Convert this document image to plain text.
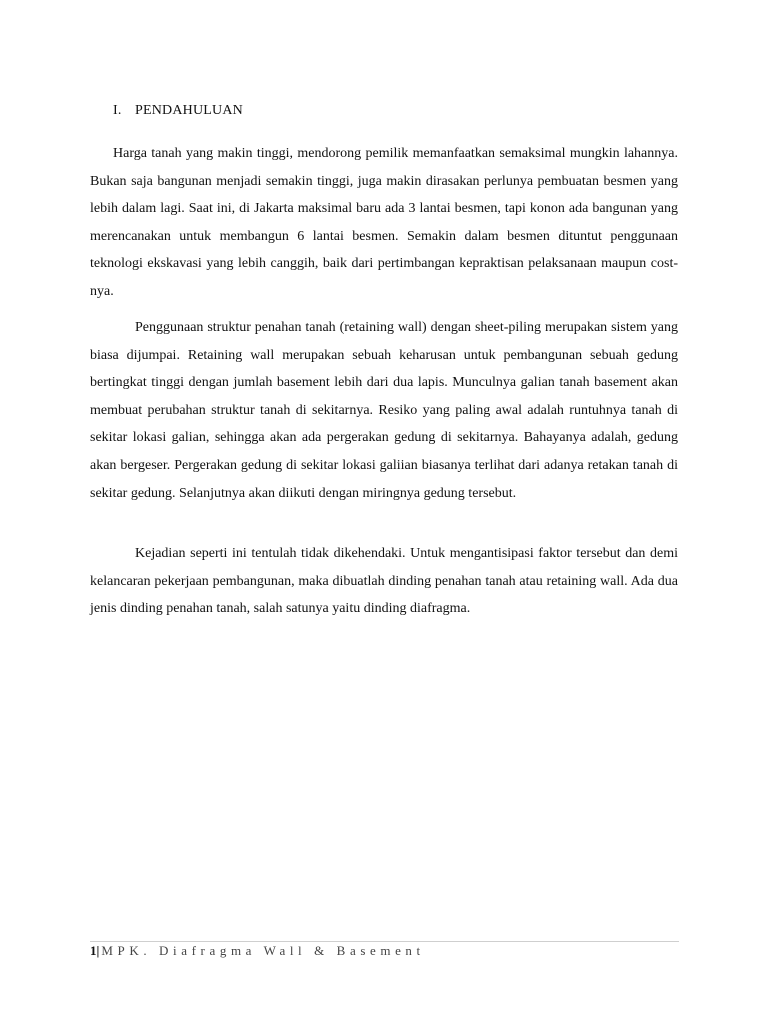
I. PENDAHULUAN

Harga tanah yang makin tinggi, mendorong pemilik memanfaatkan semaksimal mungkin lahannya. Bukan saja bangunan menjadi semakin tinggi, juga makin dirasakan perlunya pembuatan besmen yang lebih dalam lagi. Saat ini, di Jakarta maksimal baru ada 3 lantai besmen, tapi konon ada bangunan yang merencanakan untuk membangun 6 lantai besmen. Semakin dalam besmen dituntut penggunaan teknologi ekskavasi yang lebih canggih, baik dari pertimbangan kepraktisan pelaksanaan maupun cost-nya.

Penggunaan struktur penahan tanah (retaining wall) dengan sheet-piling merupakan sistem yang biasa dijumpai. Retaining wall merupakan sebuah keharusan untuk pembangunan sebuah gedung bertingkat tinggi dengan jumlah basement lebih dari dua lapis. Munculnya galian tanah basement akan membuat perubahan struktur tanah di sekitarnya. Resiko yang paling awal adalah runtuhnya tanah di sekitar lokasi galian, sehingga akan ada pergerakan gedung di sekitarnya. Bahayanya adalah, gedung akan bergeser. Pergerakan gedung di sekitar lokasi galiian biasanya terlihat dari adanya retakan tanah di sekitar gedung. Selanjutnya akan diikuti dengan miringnya gedung tersebut.

Kejadian seperti ini tentulah tidak dikehendaki. Untuk mengantisipasi faktor tersebut dan demi kelancaran pekerjaan pembangunan, maka dibuatlah dinding penahan tanah atau retaining wall. Ada dua jenis dinding penahan tanah, salah satunya yaitu dinding diafragma.

1| MPK. Diafragma Wall & Basement
